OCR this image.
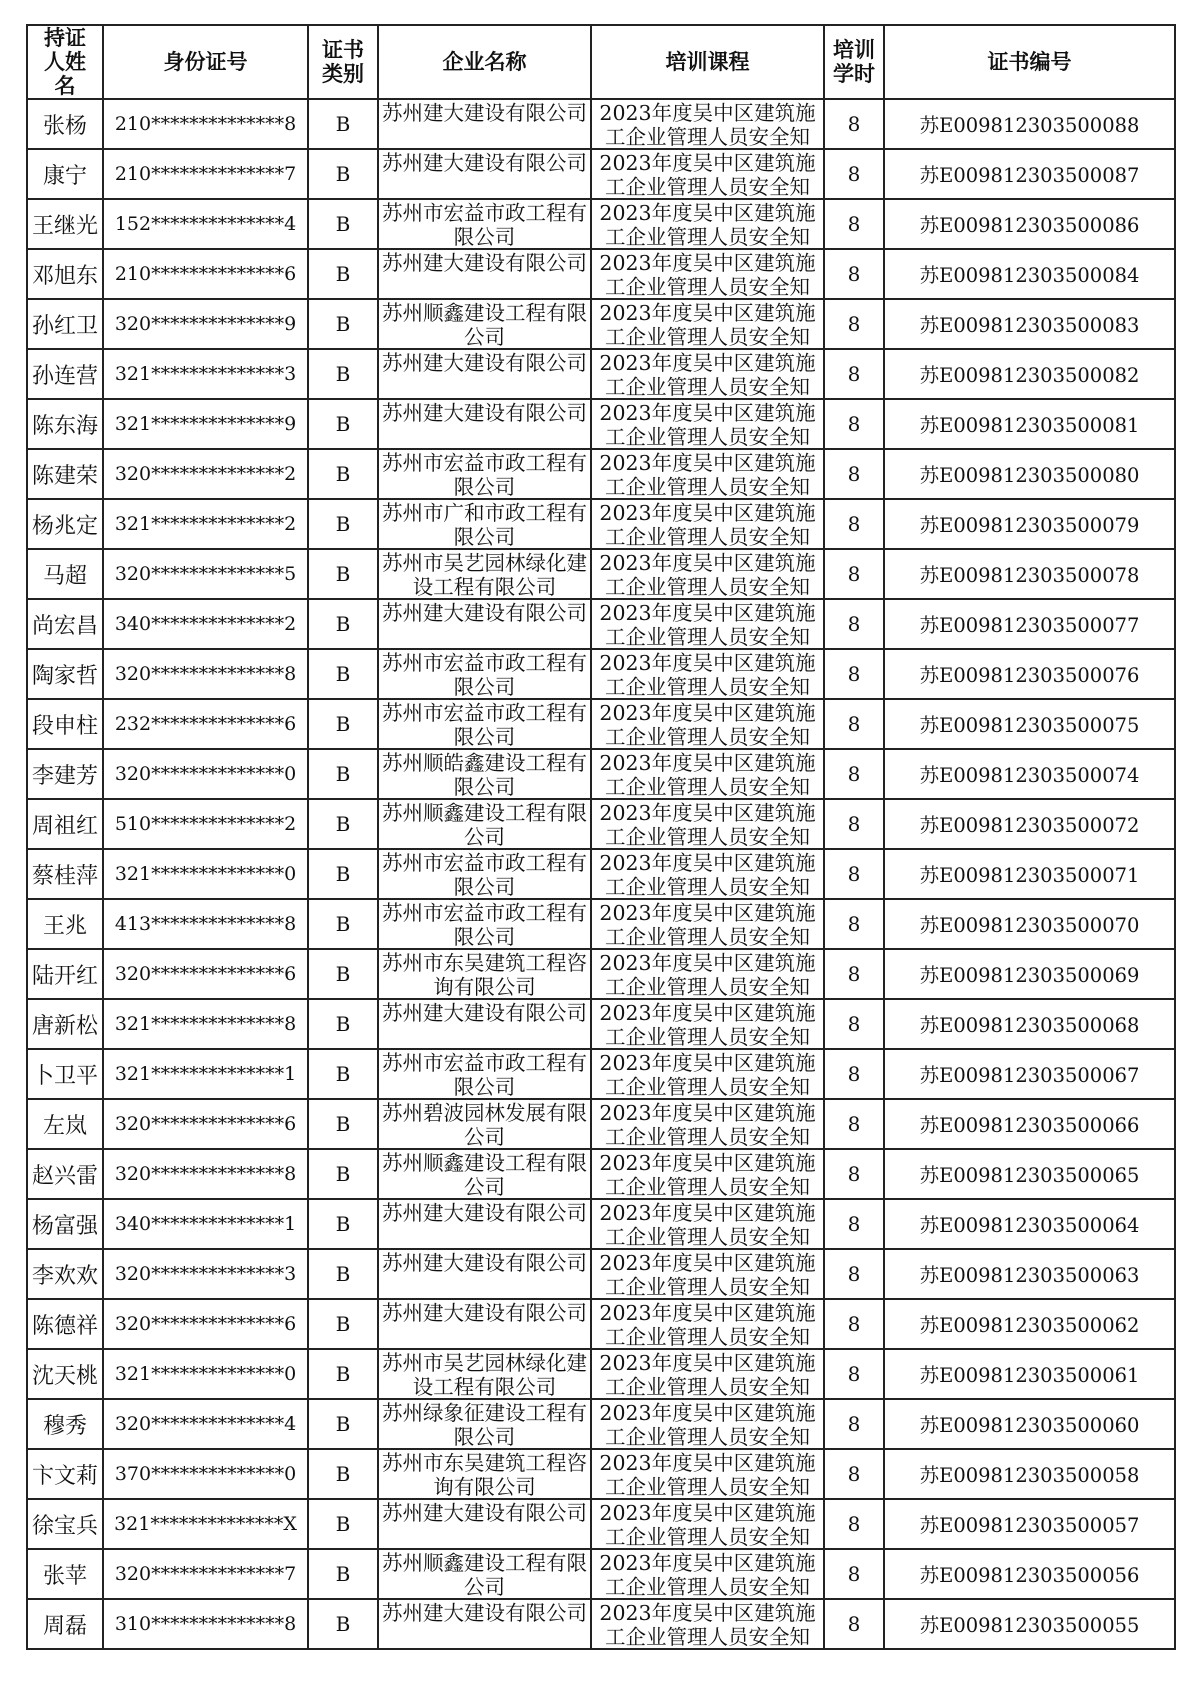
持证人姓名	身份证号	证书类别	企业名称	培训课程	培训学时	证书编号
张杨	210**************8	B	苏州建大建设有限公司	2023年度吴中区建筑施工企业管理人员安全知	8	苏E009812303500088
康宁	210**************7	B	苏州建大建设有限公司	2023年度吴中区建筑施工企业管理人员安全知	8	苏E009812303500087
王继光	152**************4	B	苏州市宏益市政工程有限公司	2023年度吴中区建筑施工企业管理人员安全知	8	苏E009812303500086
邓旭东	210**************6	B	苏州建大建设有限公司	2023年度吴中区建筑施工企业管理人员安全知	8	苏E009812303500084
孙红卫	320**************9	B	苏州顺鑫建设工程有限公司	2023年度吴中区建筑施工企业管理人员安全知	8	苏E009812303500083
孙连营	321**************3	B	苏州建大建设有限公司	2023年度吴中区建筑施工企业管理人员安全知	8	苏E009812303500082
陈东海	321**************9	B	苏州建大建设有限公司	2023年度吴中区建筑施工企业管理人员安全知	8	苏E009812303500081
陈建荣	320**************2	B	苏州市宏益市政工程有限公司	2023年度吴中区建筑施工企业管理人员安全知	8	苏E009812303500080
杨兆定	321**************2	B	苏州市广和市政工程有限公司	2023年度吴中区建筑施工企业管理人员安全知	8	苏E009812303500079
马超	320**************5	B	苏州市吴艺园林绿化建设工程有限公司	2023年度吴中区建筑施工企业管理人员安全知	8	苏E009812303500078
尚宏昌	340**************2	B	苏州建大建设有限公司	2023年度吴中区建筑施工企业管理人员安全知	8	苏E009812303500077
陶家哲	320**************8	B	苏州市宏益市政工程有限公司	2023年度吴中区建筑施工企业管理人员安全知	8	苏E009812303500076
段申柱	232**************6	B	苏州市宏益市政工程有限公司	2023年度吴中区建筑施工企业管理人员安全知	8	苏E009812303500075
李建芳	320**************0	B	苏州顺皓鑫建设工程有限公司	2023年度吴中区建筑施工企业管理人员安全知	8	苏E009812303500074
周祖红	510**************2	B	苏州顺鑫建设工程有限公司	2023年度吴中区建筑施工企业管理人员安全知	8	苏E009812303500072
蔡桂萍	321**************0	B	苏州市宏益市政工程有限公司	2023年度吴中区建筑施工企业管理人员安全知	8	苏E009812303500071
王兆	413**************8	B	苏州市宏益市政工程有限公司	2023年度吴中区建筑施工企业管理人员安全知	8	苏E009812303500070
陆开红	320**************6	B	苏州市东吴建筑工程咨询有限公司	2023年度吴中区建筑施工企业管理人员安全知	8	苏E009812303500069
唐新松	321**************8	B	苏州建大建设有限公司	2023年度吴中区建筑施工企业管理人员安全知	8	苏E009812303500068
卜卫平	321**************1	B	苏州市宏益市政工程有限公司	2023年度吴中区建筑施工企业管理人员安全知	8	苏E009812303500067
左岚	320**************6	B	苏州碧波园林发展有限公司	2023年度吴中区建筑施工企业管理人员安全知	8	苏E009812303500066
赵兴雷	320**************8	B	苏州顺鑫建设工程有限公司	2023年度吴中区建筑施工企业管理人员安全知	8	苏E009812303500065
杨富强	340**************1	B	苏州建大建设有限公司	2023年度吴中区建筑施工企业管理人员安全知	8	苏E009812303500064
李欢欢	320**************3	B	苏州建大建设有限公司	2023年度吴中区建筑施工企业管理人员安全知	8	苏E009812303500063
陈德祥	320**************6	B	苏州建大建设有限公司	2023年度吴中区建筑施工企业管理人员安全知	8	苏E009812303500062
沈天桃	321**************0	B	苏州市吴艺园林绿化建设工程有限公司	2023年度吴中区建筑施工企业管理人员安全知	8	苏E009812303500061
穆秀	320**************4	B	苏州绿象征建设工程有限公司	2023年度吴中区建筑施工企业管理人员安全知	8	苏E009812303500060
卞文莉	370**************0	B	苏州市东吴建筑工程咨询有限公司	2023年度吴中区建筑施工企业管理人员安全知	8	苏E009812303500058
徐宝兵	321**************X	B	苏州建大建设有限公司	2023年度吴中区建筑施工企业管理人员安全知	8	苏E009812303500057
张苹	320**************7	B	苏州顺鑫建设工程有限公司	2023年度吴中区建筑施工企业管理人员安全知	8	苏E009812303500056
周磊	310**************8	B	苏州建大建设有限公司	2023年度吴中区建筑施工企业管理人员安全知	8	苏E009812303500055
